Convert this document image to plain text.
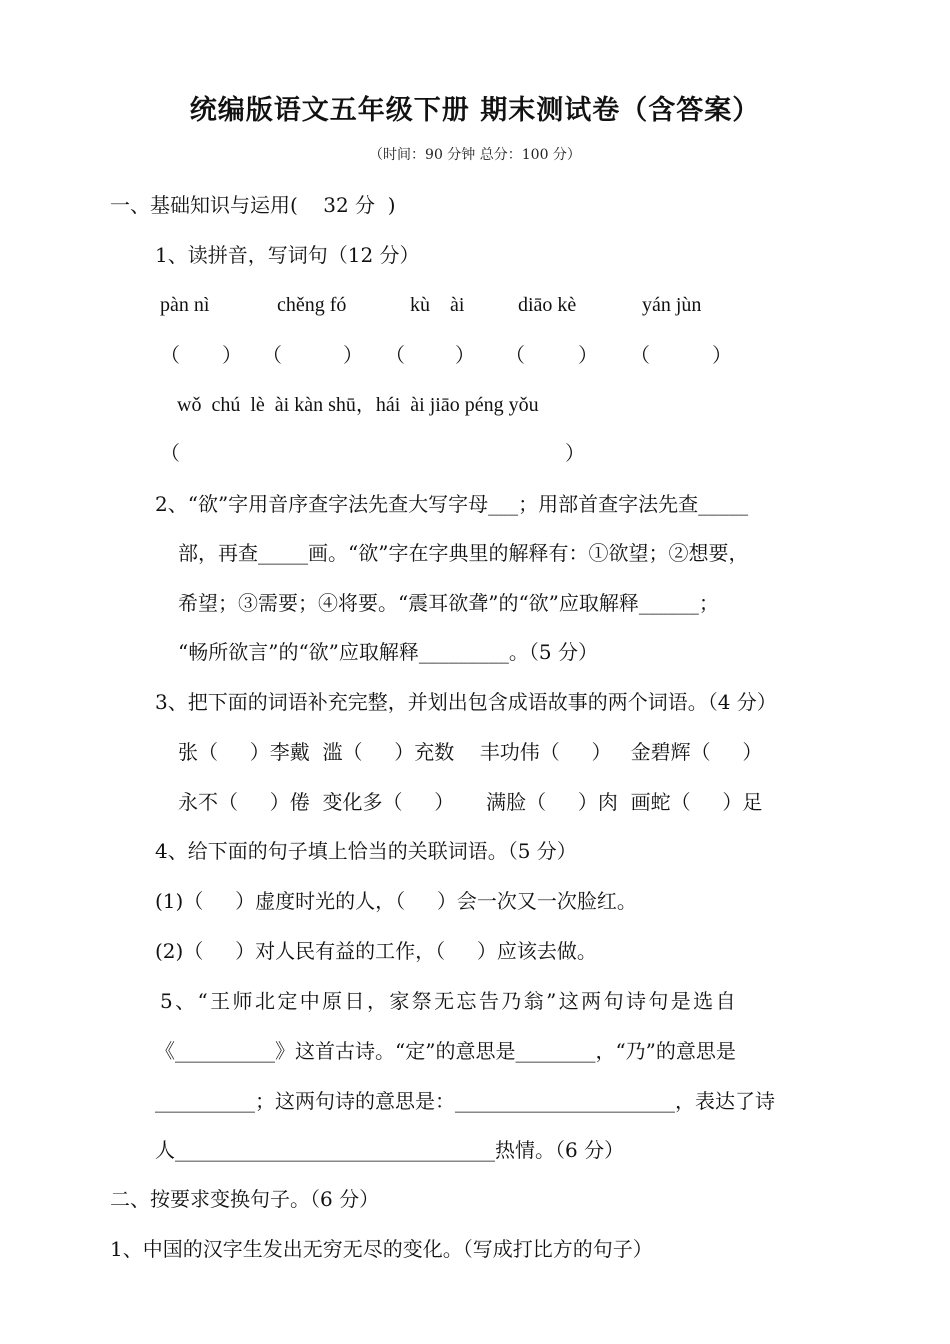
统编版语文五年级下册 期末测试卷（含答案）
（时间：90 分钟 总分：100 分）
一、基础知识与运用(    32 分  )
1、读拼音，写词句（12 分）
pàn nì	chěng fó	kù    ài	diāo kè	yán jùn
（ ） （	） （	） （	） （	）
wǒ  chú  lè  ài kàn shū，hái  ài jiāo péng yǒu
（	）
2、“欲”字用音序查字法先查大写字母___；用部首查字法先查_____
部，再查_____画。“欲”字在字典里的解释有：①欲望；②想要，
希望；③需要；④将要。“震耳欲聋”的“欲”应取解释______；
“畅所欲言”的“欲”应取解释_________。（5 分）
3、把下面的词语补充完整，并划出包含成语故事的两个词语。（4 分）
张（     ）李戴  滥（     ）充数    丰功伟（     ）   金碧辉（     ）
永不（     ）倦  变化多（     ）     满脸（     ）肉  画蛇（     ）足
4、给下面的句子填上恰当的关联词语。（5 分）
(1)（     ）虚度时光的人，（     ）会一次又一次脸红。
(2)（     ）对人民有益的工作，（     ）应该去做。
5、“王师北定中原日，家祭无忘告乃翁”这两句诗句是选自
《__________》这首古诗。“定”的意思是________，“乃”的意思是
__________；这两句诗的意思是：______________________，表达了诗
人________________________________热情。（6 分）
二、按要求变换句子。（6 分）
1、中国的汉字生发出无穷无尽的变化。（写成打比方的句子）
